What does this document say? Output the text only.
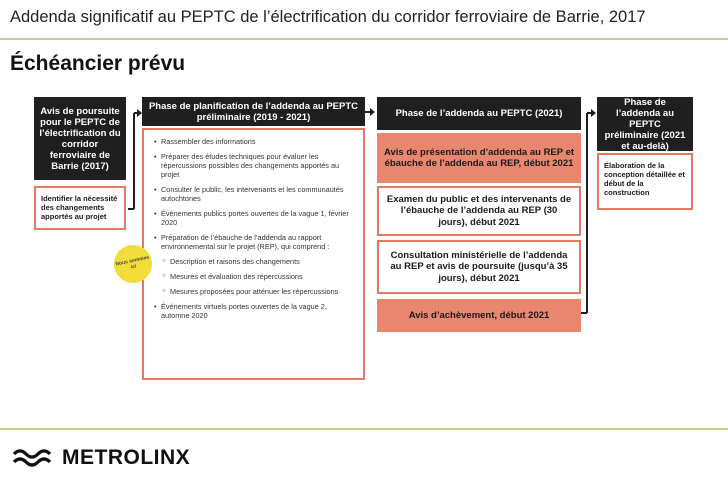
Addenda significatif au PEPTC de l’électrification du corridor ferroviaire de Barrie, 2017
Échéancier prévu
Avis de poursuite pour le PEPTC de l’électrification du corridor ferroviaire de Barrie (2017)
Identifier la nécessité des changements apportés au projet
Phase de planification de l’addenda au PEPTC préliminaire (2019 - 2021)
• Rassembler des informations
• Préparer des études techniques pour évaluer les répercussions possibles des changements apportés au projet
• Consulter le public, les intervenants et les communautés autochtones
• Événements publics portes ouvertes de la vague 1, février 2020
• Préparation de l’ébauche de l’addenda au rapport environnemental sur le projet (REP), qui comprend :
○ Description et raisons des changements
○ Mesures et évaluation des répercussions
○ Mesures proposées pour atténuer les répercussions
• Événements virtuels portes ouvertes de la vague 2, automne 2020
Nous sommes ici
Phase de l’addenda au PEPTC (2021)
Avis de présentation d’addenda au REP et ébauche de l’addenda au REP, début 2021
Examen du public et des intervenants de l’ébauche de l’addenda au REP (30 jours), début 2021
Consultation ministérielle de l’addenda au REP et avis de poursuite (jusqu’à 35 jours), début 2021
Avis d’achèvement, début 2021
Phase de l’addenda au PEPTC préliminaire (2021 et au-delà)
Élaboration de la conception détaillée et début de la construction
METROLINX
